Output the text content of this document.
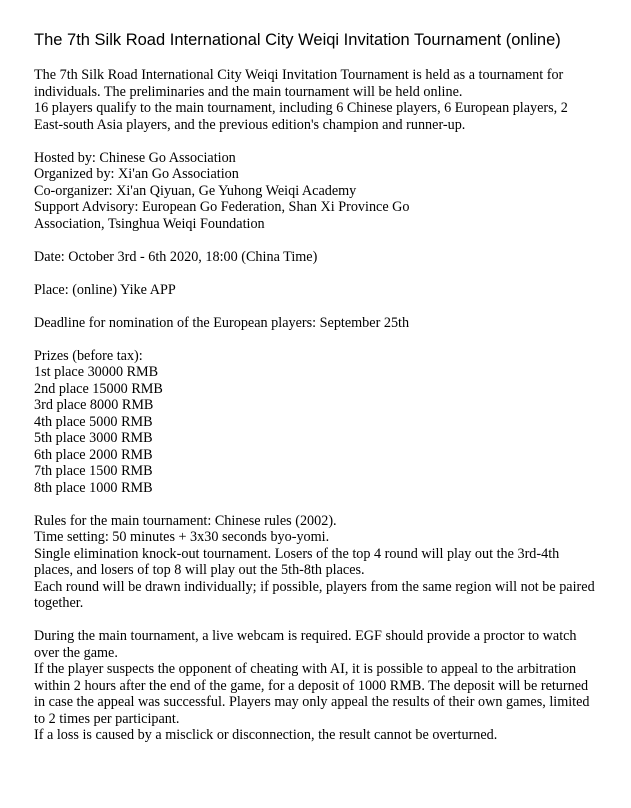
The 7th Silk Road International City Weiqi Invitation Tournament (online)
The 7th Silk Road International City Weiqi Invitation Tournament is held as a tournament for individuals. The preliminaries and the main tournament will be held online.
16 players qualify to the main tournament, including 6 Chinese players, 6 European players, 2 East-south Asia players, and the previous edition's champion and runner-up.
Hosted by: Chinese Go Association
Organized by: Xi'an Go Association
Co-organizer: Xi'an Qiyuan, Ge Yuhong Weiqi Academy
Support Advisory: European Go Federation, Shan Xi Province Go Association, Tsinghua Weiqi Foundation
Date: October 3rd - 6th 2020, 18:00 (China Time)
Place: (online) Yike APP
Deadline for nomination of the European players: September 25th
Prizes (before tax):
1st place 30000 RMB
2nd place 15000 RMB
3rd place 8000 RMB
4th place 5000 RMB
5th place 3000 RMB
6th place 2000 RMB
7th place 1500 RMB
8th place 1000 RMB
Rules for the main tournament: Chinese rules (2002).
Time setting: 50 minutes + 3x30 seconds byo-yomi.
Single elimination knock-out tournament. Losers of the top 4 round will play out the 3rd-4th places, and losers of top 8 will play out the 5th-8th places.
Each round will be drawn individually; if possible, players from the same region will not be paired together.
During the main tournament, a live webcam is required. EGF should provide a proctor to watch over the game.
If the player suspects the opponent of cheating with AI, it is possible to appeal to the arbitration within 2 hours after the end of the game, for a deposit of 1000 RMB. The deposit will be returned in case the appeal was successful. Players may only appeal the results of their own games, limited to 2 times per participant.
If a loss is caused by a misclick or disconnection, the result cannot be overturned.
